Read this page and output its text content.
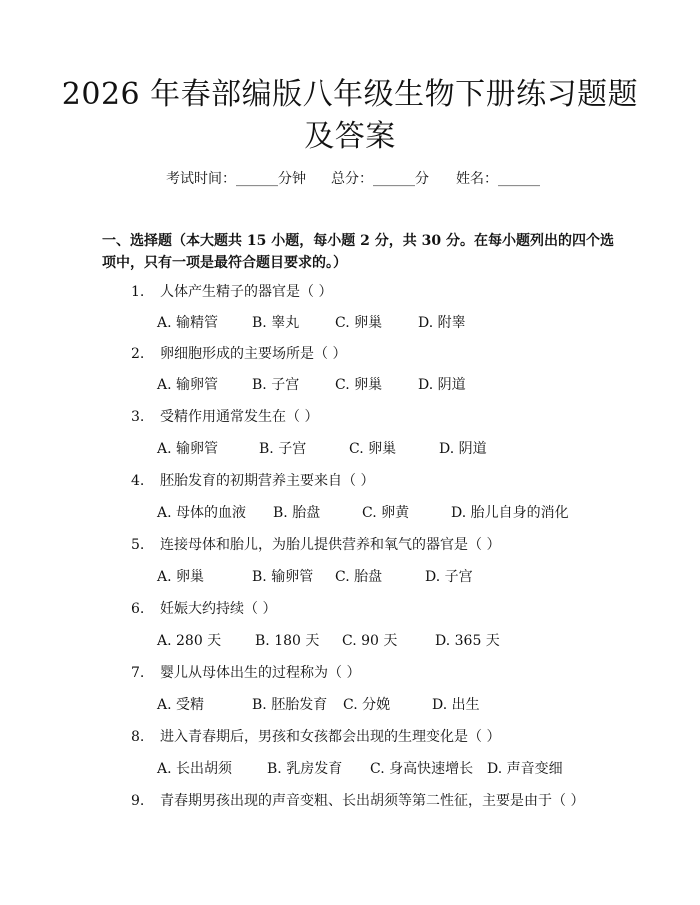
2026 年春部编版八年级生物下册练习题题及答案
考试时间：______分钟 总分：______分 姓名：______
一、选择题（本大题共 15 小题，每小题 2 分，共 30 分。在每小题列出的四个选项中，只有一项是最符合题目要求的。）
1. 人体产生精子的器官是（ ）
A. 输精管 B. 睾丸	C. 卵巢	D. 附睾
2. 卵细胞形成的主要场所是（ ）
A. 输卵管 B. 子宫	C. 卵巢	D. 阴道
3. 受精作用通常发生在（ ）
A. 输卵管	B. 子宫	C. 卵巢	D. 阴道
4. 胚胎发育的初期营养主要来自（ ）
A. 母体的血液 B. 胎盘	C. 卵黄	D. 胎儿自身的消化
5. 连接母体和胎儿，为胎儿提供营养和氧气的器官是（ ）
A. 卵巢	B. 输卵管 C. 胎盘	D. 子宫
6. 妊娠大约持续（ ）
A. 280 天 B. 180 天 C. 90 天	D. 365 天
7. 婴儿从母体出生的过程称为（ ）
A. 受精	B. 胚胎发育 C. 分娩	D. 出生
8. 进入青春期后，男孩和女孩都会出现的生理变化是（ ）
A. 长出胡须 B. 乳房发育 C. 身高快速增长 D. 声音变细
9. 青春期男孩出现的声音变粗、长出胡须等第二性征，主要是由于（ ）
